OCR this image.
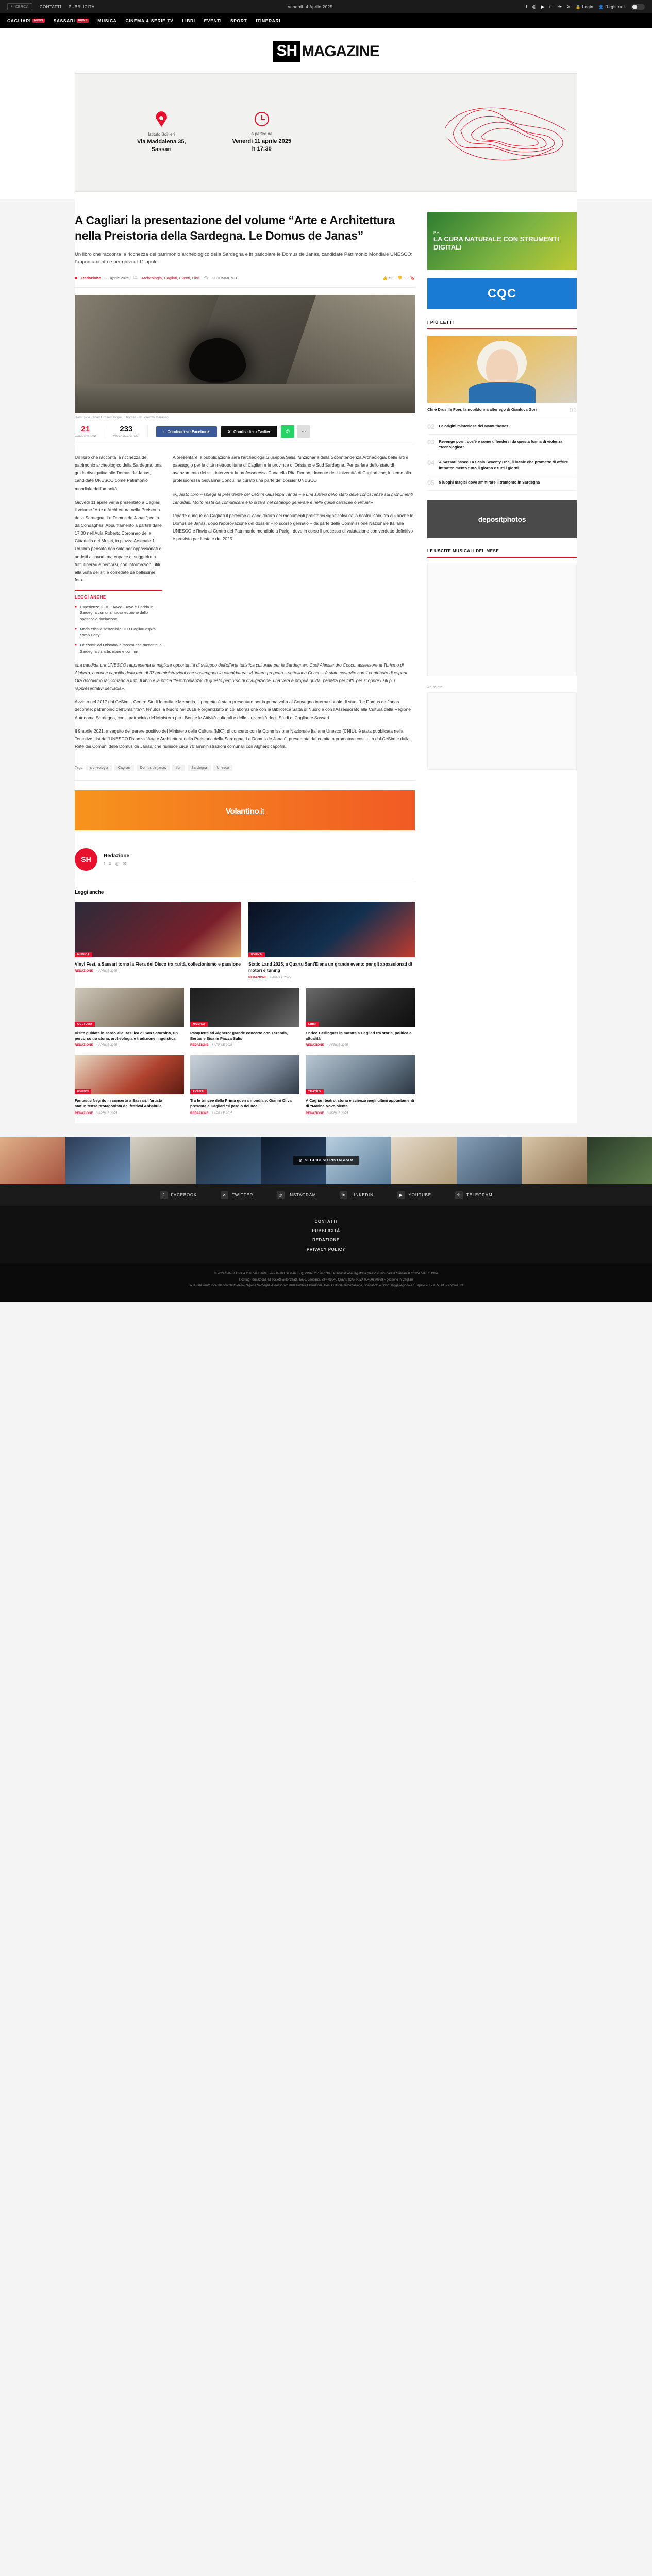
⌕ CERCA	CONTATTI PUBBLICITÀ	venerdì, 4 Aprile 2025	f ◎ ▶ in ✈ ✕ 🔒 Login 👤 Registrati
CAGLIARI	NEWS	SASSARI	NEWS	MUSICA CINEMA & SERIE TV LIBRI EVENTI SPORT ITINERARI
SH MAGAZINE
Istituto Boiliieri
Via Maddalena 35,
Sassari
A partire da
Venerdì 11 aprile 2025
h 17:30
A Cagliari la presentazione del volume “Arte e Architettura nella Preistoria della Sardegna. Le Domus de Janas”
Un libro che racconta la ricchezza del patrimonio archeologico della Sardegna e in paticolare le Domus de Janas, candidate Patrimonio Mondiale UNESCO: l'appuntamento è per giovedì 11 aprile
Redazione 11 Aprile 2025 🗀 Archeologia, Cagliari, Eventi, Libri 🗨 0 COMMENTI	👍 53 👎 1 🔖
Domus de Janas Orosei/Dorgali, Thomas - © Lorenzo Marasso
21
CONDIVISIONI
233
VISUALIZZAZIONI
f Condividi su Facebook	✕ Condividi su Twitter	✆	⋯

Un libro che racconta la ricchezza del patrimonio archeologico della Sardegna, una guida divulgativa alle Domus de Janas, candidate UNESCO come Patrimonio mondiale dell'umanità.

Giovedì 11 aprile verrà presentato a Cagliari il volume “Arte e Architettura nella Preistoria della Sardegna. Le Domus de Janas”, edito da Condaghes. Appuntamento a partire dalle 17:00 nell'Aula Roberto Coronneo della Cittadella dei Musei, in piazza Arsenale 1. Un libro pensato non solo per appassionati o addetti ai lavori, ma capace di suggerire a tutti itinerari e percorsi, con informazioni utili alla vista dei siti e corredate da bellissime foto.

LEGGI ANCHE
● Esperienze D. M. : Awed, Dove è Dadda in Sardegna con una nuova edizione dello spettacolo rivelazione
● Moda etica e sostenibile: IED Cagliari ospita Swap Party
● Orizzonti: ad Oristano la mostra che racconta la Sardegna tra arte, mare e comfort

A presentare la pubblicazione sarà l'archeologa Giuseppa Salis, funzionaria della Soprintendenza Archeologia, belle arti e paesaggio per la città metropolitana di Cagliari e le province di Oristano e Sud Sardegna. Per parlare dello stato di avanzamento dei siti, interverrà la professoressa Donatella Rita Fiorino, docente dell'Università di Cagliari che, insieme alla professoressa Giovanna Concu, ha curato una parte del dossier UNESCO

«Questo libro – spiega la presidente del CeSim Giuseppa Tanda – è una sintesi dello stato delle conoscenze sui monumenti candidati. Molto resta da comunicare e lo si farà nel catalogo generale e nelle guide cartacee o virtuali»

Riparte dunque da Cagliari il percorso di candidatura dei monumenti preistorici significativi della nostra isola, tra cui anche le Domus de Janas, dopo l'approvazione del dossier – lo scorso gennaio – da parte della Commissione Nazionale Italiana UNESCO e l'invio al Centro del Patrimonio mondiale a Parigi, dove in corso il processo di valutazione con verdetto definitivo è previsto per l'estate del 2025.

«La candidatura UNESCO rappresenta la migliore opportunità di sviluppo dell'offerta turistica culturale per la Sardegna». Così Alessandro Cocco, assessore al Turismo di Alghero, comune capofila della rete di 37 amministrazioni che sostengono la candidatura: «L'intero progetto – sottolinea Cocco – è stato costruito con il contributo di esperti. Ora dobbiamo raccontarlo a tutti. Il libro è la prima “testimonianza” di questo percorso di divulgazione, una vera e propria guida, perfetta per tutti, per scoprire i siti più rappresentativi dell'isola».

Avviato nel 2017 dal CeSim – Centro Studi Identità e Memoria, il progetto è stato presentato per la prima volta al Convegno internazionale di studi “Le Domus de Janas decorate: patrimonio dell'Umanità?”, tenutosi a Nuoro nel 2018 e organizzato in collaborazione con la Biblioteca Satta di Nuoro e con l'Assessorato alla Cultura della Regione Autonoma Sardegna, con il patrocinio del Ministero per i Beni e le Attività culturali e delle Università degli Studi di Cagliari e Sassari.

Il 9 aprile 2021, a seguito del parere positivo del Ministero della Cultura (MiC), di concerto con la Commissione Nazionale Italiana Unesco (CNIU), è stata pubblicata nella Tentative List dell'UNESCO l'istanza “Arte e Architettura nella Preistoria della Sardegna. Le Domus de Janas”, presentata dal comitato promotore costituito dal CeSim e dalla Rete dei Comuni delle Domus de Janas, che riunisce circa 70 amministrazioni comunali con Alghero capofila.

Tags:	archeologia	Cagliari	Domus de janas	libri	Sardegna	Unesco
Volantino.it
SH	Redazione
f ✕ ◎ ✉
Leggi anche
MUSICA
Vinyl Fest, a Sassari torna la Fiera del Disco tra rarità, collezionismo e passione
REDAZIONE 4 APRILE 2025
EVENTI
Static Land 2025, a Quartu Sant'Elena un grande evento per gli appassionati di motori e tuning
REDAZIONE 4 APRILE 2025
CULTURA
Visite guidate in sardo alla Basilica di San Saturnino, un percorso tra storia, archeologia e tradizione linguistica
REDAZIONE 4 APRILE 2025
MUSICA
Pasquetta ad Alghero: grande concerto con Tazenda, Bertas e Sisa in Piazza Sulis
REDAZIONE 4 APRILE 2025
LIBRI
Enrico Berlinguer in mostra a Cagliari tra storia, politica e attualità
REDAZIONE 4 APRILE 2025
EVENTI
Fantastic Negrito in concerto a Sassari: l'artista statunitense protagonista del festival Abbabula
REDAZIONE 3 APRILE 2025
EVENTI
Tra le trincee della Prima guerra mondiale, Gianni Oliva presenta a Cagliari “Il perdio dei noci”
REDAZIONE 3 APRILE 2025
TEATRO
A Cagliari teatro, storia e scienza negli ultimi appuntamenti di “Marina Novololenta”
REDAZIONE 3 APRILE 2025
Per
LA CURA NATURALE CON STRUMENTI DIGITALI
CQC
I PIÙ LETTI
Chi è Drusilla Foer, la nobildonna alter ego di Gianluca Gori	01
02 Le origini misteriose dei Mamuthones
03 Revenge porn: cos'è e come difendersi da questa forma di violenza “tecnologica”
04 A Sassari nasce La Scala Seventy One, il locale che promette di offrire intrattenimento tutto il giorno e tutti i giorni
05 5 luoghi magici dove ammirare il tramonto in Sardegna
depositphotos
LE USCITE MUSICALI DEL MESE
AdRotate
◎ SEGUICI SU INSTAGRAM
f	FACEBOOK	✕	TWITTER	◎	INSTAGRAM	in	LINKEDIN	▶	YOUTUBE	✈	TELEGRAM
CONTATTI
PUBBLICITÀ
REDAZIONE
PRIVACY POLICY
© 2024 SARDEGNA A.C.U. Via Dante, 8/a – 07100 Sassari (SS), P.IVA 02519670905. Pubblicazione registrata presso il Tribunale di Sassari al n° 324 del 8.1.1994
Hosting: formazione e/t società autorizzata, Iva 6. Leopardi, 23 – 09045 Quartu (CA), P.IVA 03480220923 – gestione in Cagliari
La testata usufruisce del contributo della Regione Sardegna Assessorato della Pubblica Istruzione, Beni Culturali, Informazione, Spettacolo e Sport. legge regionale 13 aprile 2017 n. 5, art. 9 comma 13.
